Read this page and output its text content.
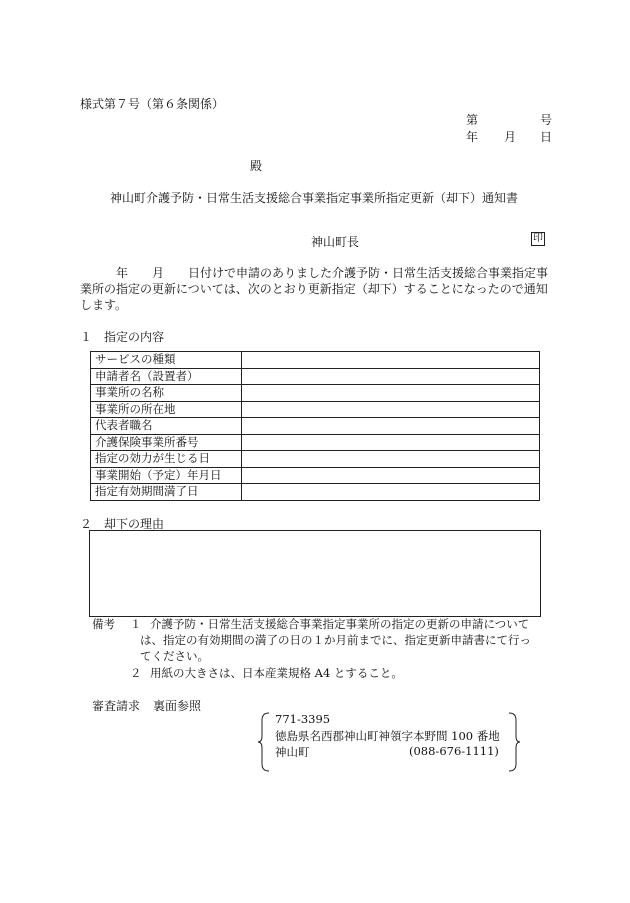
様式第７号（第６条関係）
第	号
年 月 日
殿
神山町介護予防・日常生活支援総合事業指定事業所指定更新（却下）通知書
神山町長	印
年　　月　　日付けで申請のありました介護予防・日常生活支援総合事業指定事
業所の指定の更新については、次のとおり更新指定（却下）することになったので通知
します。
１　指定の内容
サービスの種類	
申請者名（設置者）	
事業所の名称	
事業所の所在地	
代表者職名	
介護保険事業所番号	
指定の効力が生じる日	
事業開始（予定）年月日	
指定有効期間満了日	
２　却下の理由
備考 １ 介護予防・日常生活支援総合事業指定事業所の指定の更新の申請について
は、指定の有効期間の満了の日の１か月前までに、指定更新申請書にて行っ
てください。
２ 用紙の大きさは、日本産業規格 A4 とすること。
審査請求 裏面参照
771-3395
徳島県名西郡神山町神領字本野間 100 番地
神山町	(088-676-1111)
